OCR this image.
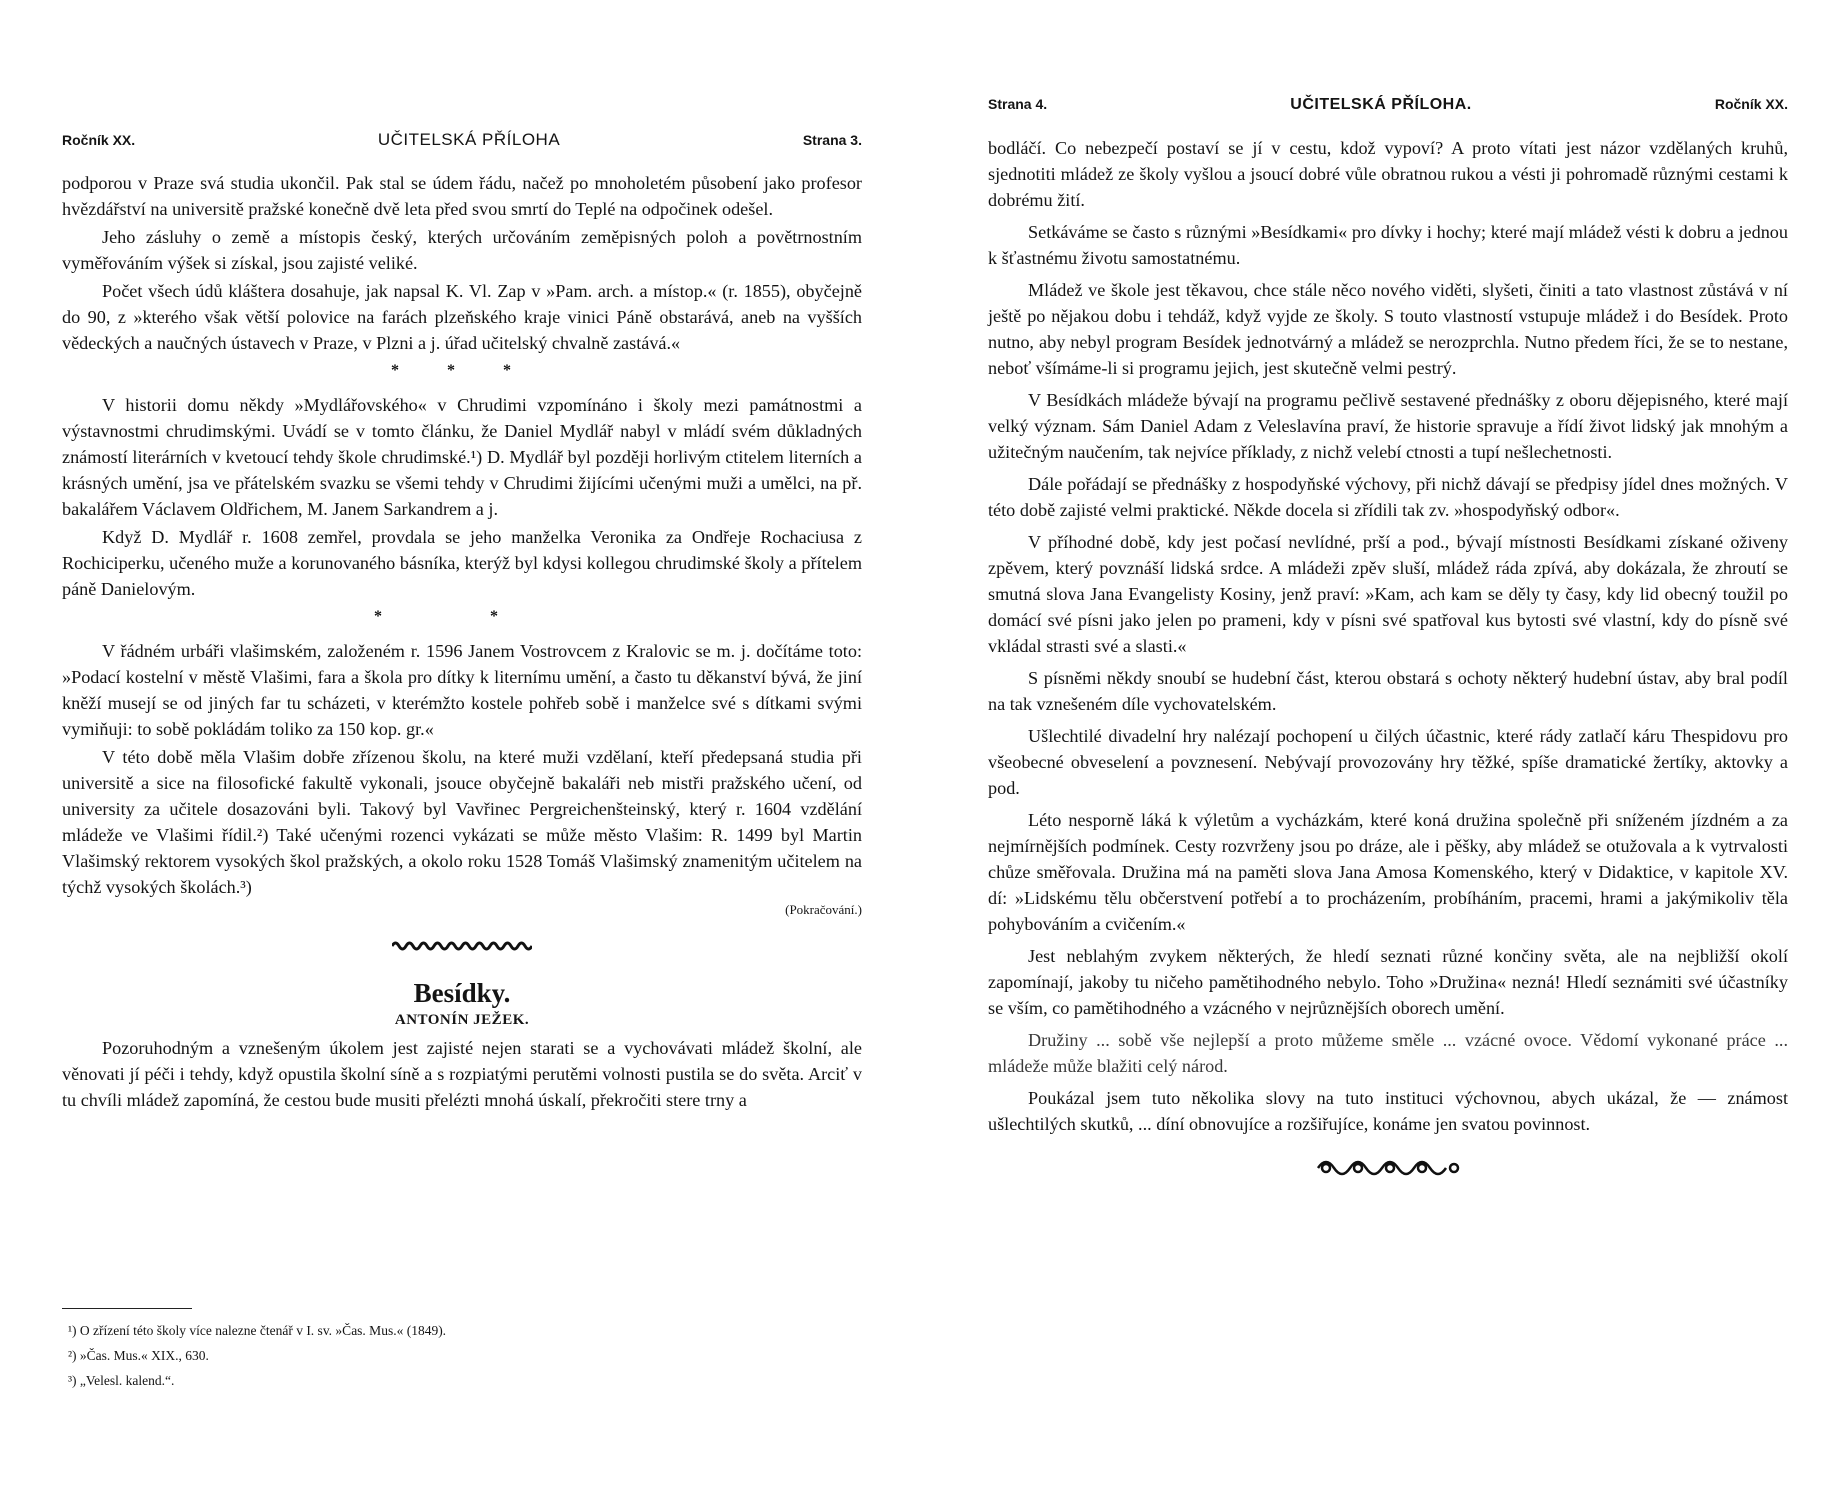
Ročník XX.	UČITELSKÁ PŘÍLOHA	Strana 3.

podporou v Praze svá studia ukončil. Pak stal se údem řádu, načež po mnoholetém působení jako profesor hvězdářství na universitě pražské konečně dvě leta před svou smrtí do Teplé na odpočinek odešel.

Jeho zásluhy o země a místopis český, kterých určováním zeměpisných poloh a povětrnostním vyměřováním výšek si získal, jsou zajisté veliké.

Počet všech údů kláštera dosahuje, jak napsal K. Vl. Zap v »Pam. arch. a místop.« (r. 1855), obyčejně do 90, z »kterého však větší polovice na farách plzeňského kraje vinici Páně obstarává, aneb na vyšších vědeckých a naučných ústavech v Praze, v Plzni a j. úřad učitelský chvalně zastává.«

* * *

V historii domu někdy »Mydlářovského« v Chrudimi vzpomínáno i školy mezi památnostmi a výstavnostmi chrudimskými. Uvádí se v tomto článku, že Daniel Mydlář nabyl v mládí svém důkladných známostí literárních v kvetoucí tehdy škole chrudimské.¹) D. Mydlář byl později horlivým ctitelem literních a krásných umění, jsa ve přátelském svazku se všemi tehdy v Chrudimi žijícími učenými muži a umělci, na př. bakalářem Václavem Oldřichem, M. Janem Sarkandrem a j.

Když D. Mydlář r. 1608 zemřel, provdala se jeho manželka Veronika za Ondřeje Rochaciusa z Rochiciperku, učeného muže a korunovaného básníka, kterýž byl kdysi kollegou chrudimské školy a přítelem páně Danielovým.

* *

V řádném urbáři vlašimském, založeném r. 1596 Janem Vostrovcem z Kralovic se m. j. dočítáme toto: »Podací kostelní v městě Vlašimi, fara a škola pro dítky k liternímu umění, a často tu děkanství bývá, že jiní kněží musejí se od jiných far tu scházeti, v kterémžto kostele pohřeb sobě i manželce své s dítkami svými vymiňuji: to sobě pokládám toliko za 150 kop. gr.«

V této době měla Vlašim dobře zřízenou školu, na které muži vzdělaní, kteří předepsaná studia při universitě a sice na filosofické fakultě vykonali, jsouce obyčejně bakaláři neb mistři pražského učení, od university za učitele dosazováni byli. Takový byl Vavřinec Pergreichenšteinský, který r. 1604 vzdělání mládeže ve Vlašimi řídil.²) Také učenými rozenci vykázati se může město Vlašim: R. 1499 byl Martin Vlašimský rektorem vysokých škol pražských, a okolo roku 1528 Tomáš Vlašimský znamenitým učitelem na týchž vysokých školách.³)

(Pokračování.)
Besídky.
ANTONÍN JEŽEK.

Pozoruhodným a vznešeným úkolem jest zajisté nejen starati se a vychovávati mládež školní, ale věnovati jí péči i tehdy, když opustila školní síně a s rozpiatými perutěmi volnosti pustila se do světa. Arciť v tu chvíli mládež zapomíná, že cestou bude musiti přelézti mnohá úskalí, překročiti stere trny a

¹) O zřízení této školy více nalezne čtenář v I. sv. »Čas. Mus.« (1849).
²) »Čas. Mus.« XIX., 630.
³) „Velesl. kalend.“.
Strana 4.	UČITELSKÁ PŘÍLOHA.	Ročník XX.

bodláčí. Co nebezpečí postaví se jí v cestu, kdož vypoví? A proto vítati jest názor vzdělaných kruhů, sjednotiti mládež ze školy vyšlou a jsoucí dobré vůle obratnou rukou a vésti ji pohromadě různými cestami k dobrému žití.

Setkáváme se často s různými »Besídkami« pro dívky i hochy; které mají mládež vésti k dobru a jednou k šťastnému životu samostatnému.

Mládež ve škole jest těkavou, chce stále něco nového viděti, slyšeti, činiti a tato vlastnost zůstává v ní ještě po nějakou dobu i tehdáž, když vyjde ze školy. S touto vlastností vstupuje mládež i do Besídek. Proto nutno, aby nebyl program Besídek jednotvárný a mládež se nerozprchla. Nutno předem říci, že se to nestane, neboť všímáme-li si programu jejich, jest skutečně velmi pestrý.

V Besídkách mládeže bývají na programu pečlivě sestavené přednášky z oboru dějepisného, které mají velký význam. Sám Daniel Adam z Veleslavína praví, že historie spravuje a řídí život lidský jak mnohým a užitečným naučením, tak nejvíce příklady, z nichž velebí ctnosti a tupí nešlechetnosti.

Dále pořádají se přednášky z hospodyňské výchovy, při nichž dávají se předpisy jídel dnes možných. V této době zajisté velmi praktické. Někde docela si zřídili tak zv. »hospodyňský odbor«.

V příhodné době, kdy jest počasí nevlídné, prší a pod., bývají místnosti Besídkami získané oživeny zpěvem, který povznáší lidská srdce. A mládeži zpěv sluší, mládež ráda zpívá, aby dokázala, že zhroutí se smutná slova Jana Evangelisty Kosiny, jenž praví: »Kam, ach kam se děly ty časy, kdy lid obecný toužil po domácí své písni jako jelen po prameni, kdy v písni své spatřoval kus bytosti své vlastní, kdy do písně své vkládal strasti své a slasti.«

S písněmi někdy snoubí se hudební část, kterou obstará s ochoty některý hudební ústav, aby bral podíl na tak vznešeném díle vychovatelském.

Ušlechtilé divadelní hry nalézají pochopení u čilých účastnic, které rády zatlačí káru Thespidovu pro všeobecné obveselení a povznesení. Nebývají provozovány hry těžké, spíše dramatické žertíky, aktovky a pod.

Léto nesporně láká k výletům a vycházkám, které koná družina společně při sníženém jízdném a za nejmírnějších podmínek. Cesty rozvrženy jsou po dráze, ale i pěšky, aby mládež se otužovala a k vytrvalosti chůze směřovala. Družina má na paměti slova Jana Amosa Komenského, který v Didaktice, v kapitole XV. dí: »Lidskému tělu občerstvení potřebí a to procházením, probíháním, pracemi, hrami a jakýmikoliv těla pohybováním a cvičením.«

Jest neblahým zvykem některých, že hledí seznati různé končiny světa, ale na nejbližší okolí zapomínají, jakoby tu ničeho pamětihodného nebylo. Toho »Družina« nezná! Hledí seznámiti své účastníky se vším, co pamětihodného a vzácného v nejrůznějších oborech umění.

Družiny ... sobě vše nejlepší a proto můžeme směle ... vzácné ovoce. Vědomí vykonané práce ... mládeže může blažiti celý národ.

Poukázal jsem tuto několika slovy na tuto instituci výchovnou, abych ukázal, že — známost ušlechtilých skutků, ... díní obnovujíce a rozšiřujíce, konáme jen svatou povinnost.
